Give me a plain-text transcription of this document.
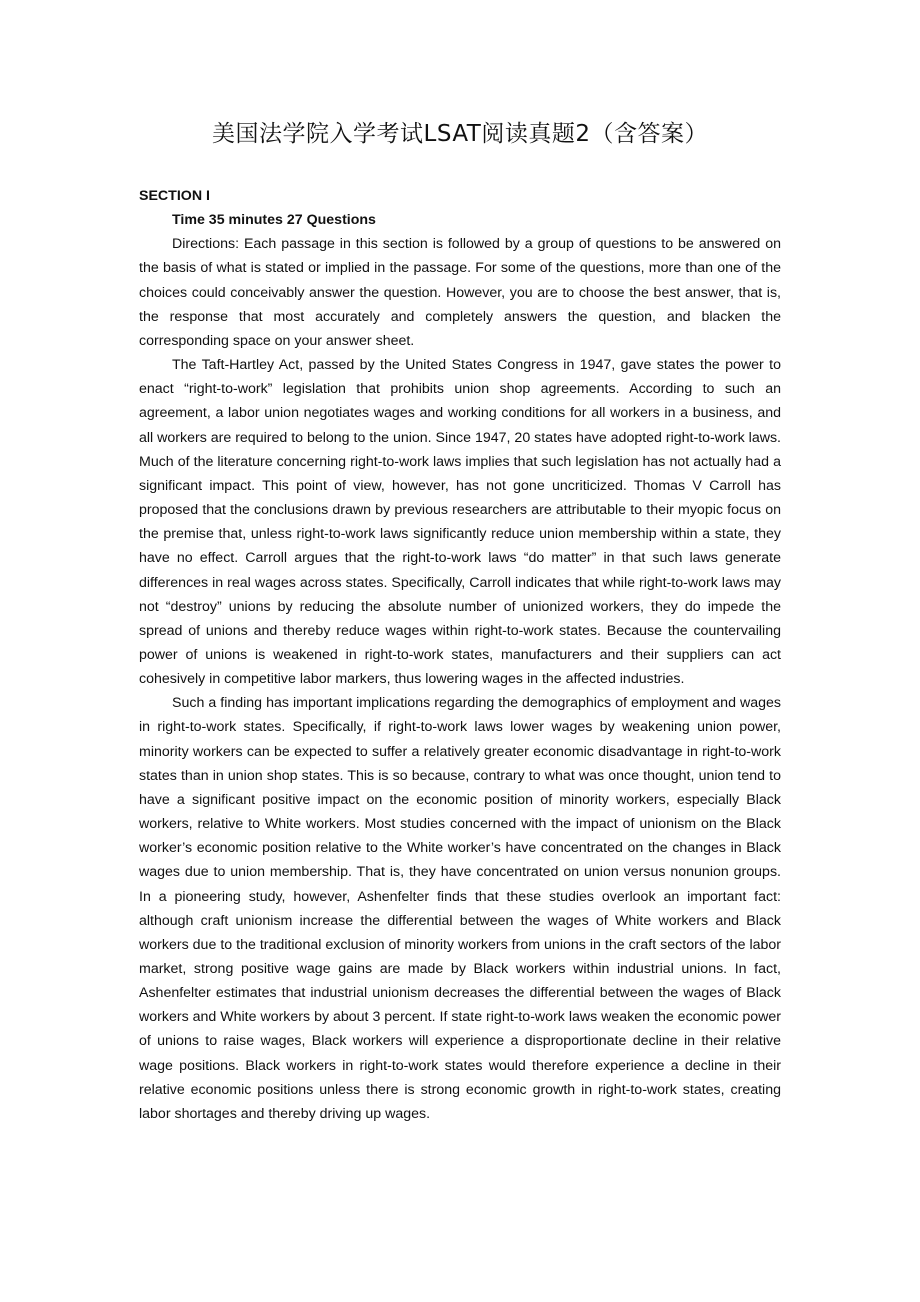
美国法学院入学考试LSAT阅读真题2（含答案）

SECTION I

Time 35 minutes 27 Questions

Directions: Each passage in this section is followed by a group of questions to be answered on the basis of what is stated or implied in the passage. For some of the questions, more than one of the choices could conceivably answer the question. However, you are to choose the best answer, that is, the response that most accurately and completely answers the question, and blacken the corresponding space on your answer sheet.

The Taft-Hartley Act, passed by the United States Congress in 1947, gave states the power to enact “right-to-work” legislation that prohibits union shop agreements. According to such an agreement, a labor union negotiates wages and working conditions for all workers in a business, and all workers are required to belong to the union. Since 1947, 20 states have adopted right-to-work laws. Much of the literature concerning right-to-work laws implies that such legislation has not actually had a significant impact. This point of view, however, has not gone uncriticized. Thomas V Carroll has proposed that the conclusions drawn by previous researchers are attributable to their myopic focus on the premise that, unless right-to-work laws significantly reduce union membership within a state, they have no effect. Carroll argues that the right-to-work laws “do matter” in that such laws generate differences in real wages across states. Specifically, Carroll indicates that while right-to-work laws may not “destroy” unions by reducing the absolute number of unionized workers, they do impede the spread of unions and thereby reduce wages within right-to-work states. Because the countervailing power of unions is weakened in right-to-work states, manufacturers and their suppliers can act cohesively in competitive labor markers, thus lowering wages in the affected industries.

Such a finding has important implications regarding the demographics of employment and wages in right-to-work states. Specifically, if right-to-work laws lower wages by weakening union power, minority workers can be expected to suffer a relatively greater economic disadvantage in right-to-work states than in union shop states. This is so because, contrary to what was once thought, union tend to have a significant positive impact on the economic position of minority workers, especially Black workers, relative to White workers. Most studies concerned with the impact of unionism on the Black worker’s economic position relative to the White worker’s have concentrated on the changes in Black wages due to union membership. That is, they have concentrated on union versus nonunion groups. In a pioneering study, however, Ashenfelter finds that these studies overlook an important fact: although craft unionism increase the differential between the wages of White workers and Black workers due to the traditional exclusion of minority workers from unions in the craft sectors of the labor market, strong positive wage gains are made by Black workers within industrial unions. In fact, Ashenfelter estimates that industrial unionism decreases the differential between the wages of Black workers and White workers by about 3 percent. If state right-to-work laws weaken the economic power of unions to raise wages, Black workers will experience a disproportionate decline in their relative wage positions. Black workers in right-to-work states would therefore experience a decline in their relative economic positions unless there is strong economic growth in right-to-work states, creating labor shortages and thereby driving up wages.
